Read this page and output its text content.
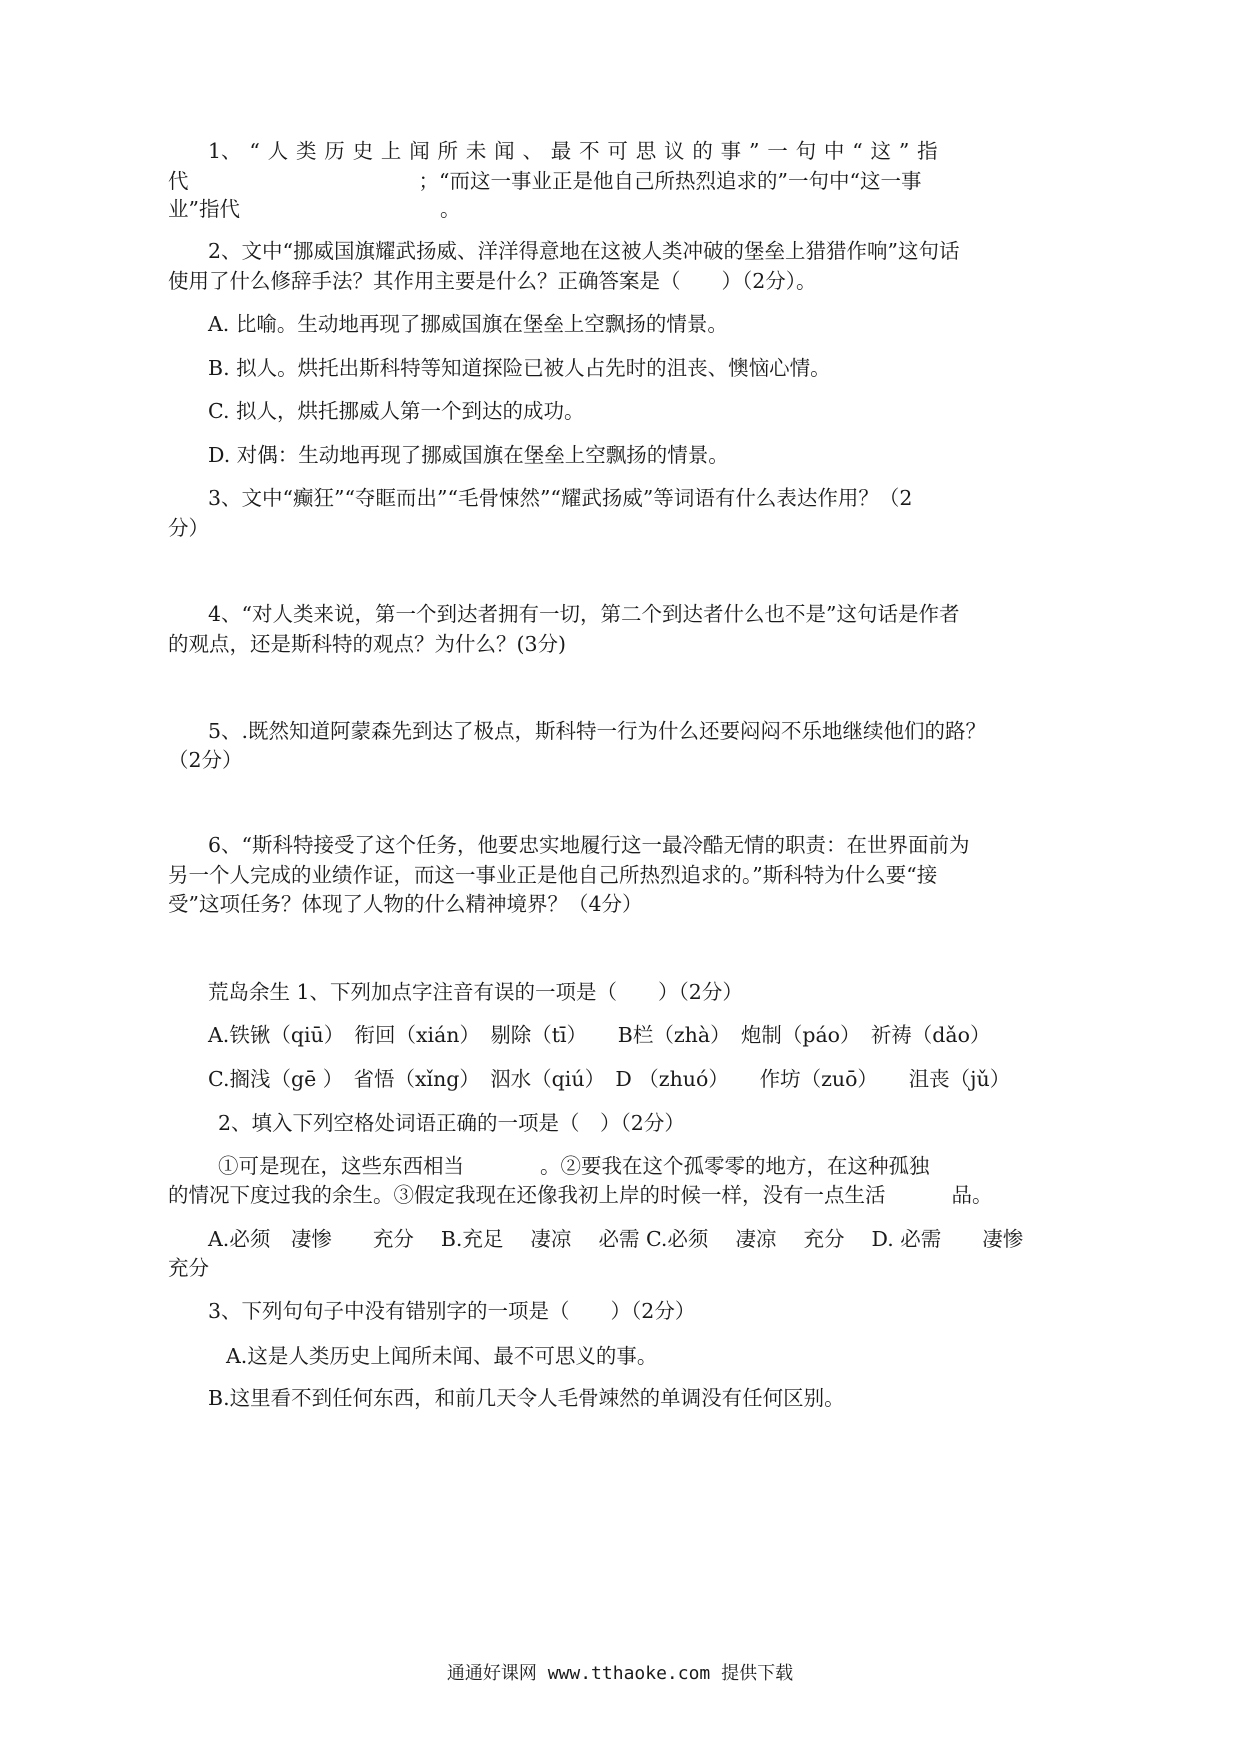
1、 “ 人 类 历 史 上 闻 所 未 闻 、 最 不 可 思 议 的 事 ” 一 句 中 “ 这 ” 指
代	；“而这一事业正是他自己所热烈追求的”一句中“这一事
业”指代	。
2、文中“挪威国旗耀武扬威、洋洋得意地在这被人类冲破的堡垒上猎猎作响”这句话
使用了什么修辞手法？其作用主要是什么？正确答案是（　　）（2分）。
A. 比喻。生动地再现了挪威国旗在堡垒上空飘扬的情景。
B. 拟人。烘托出斯科特等知道探险已被人占先时的沮丧、懊恼心情。
C. 拟人，烘托挪威人第一个到达的成功。
D. 对偶：生动地再现了挪威国旗在堡垒上空飘扬的情景。
3、文中“癫狂”“夺眶而出”“毛骨悚然”“耀武扬威”等词语有什么表达作用？（2
分）
4、“对人类来说，第一个到达者拥有一切，第二个到达者什么也不是”这句话是作者
的观点，还是斯科特的观点？为什么？(3分)
5、.既然知道阿蒙森先到达了极点，斯科特一行为什么还要闷闷不乐地继续他们的路？
（2分）
6、“斯科特接受了这个任务，他要忠实地履行这一最冷酷无情的职责：在世界面前为
另一个人完成的业绩作证，而这一事业正是他自己所热烈追求的。”斯科特为什么要“接
受”这项任务？体现了人物的什么精神境界？（4分）
荒岛余生 1、下列加点字注音有误的一项是（　　）（2分）
A.铁锹（qiū）　衔回（xián）　剔除（tī）　　B栏（zhà）　炮制（páo）　祈祷（dǎo）
C.搁浅（gē ）　省悟（xǐng）　泅水（qiú）　D （zhuó）　　作坊（zuō）　　沮丧（jǔ）
2、填入下列空格处词语正确的一项是（　）（2分）
①可是现在，这些东西相当	。②要我在这个孤零零的地方，在这种孤独
的情况下度过我的余生。③假定我现在还像我初上岸的时候一样，没有一点生活	品。
A.必须　凄惨　　充分　 B.充足　 凄凉　 必需 C.必须　 凄凉　 充分　 D. 必需　　凄惨
充分
3、下列句句子中没有错别字的一项是（　　）（2分）
A.这是人类历史上闻所未闻、最不可思义的事。
B.这里看不到任何东西，和前几天令人毛骨竦然的单调没有任何区别。
通通好课网 www.tthaoke.com 提供下载
